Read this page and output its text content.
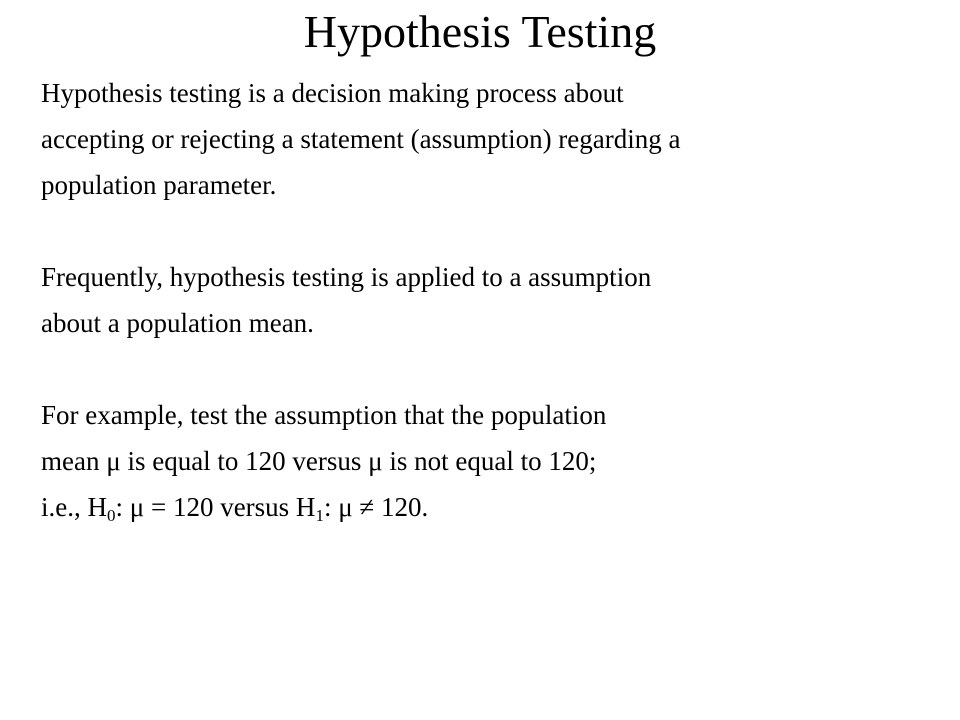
Hypothesis Testing

Hypothesis testing is a decision making process about

accepting or rejecting a statement (assumption) regarding a

population parameter.

Frequently, hypothesis testing is applied to a assumption

about a population mean.

For example, test the assumption that the population

mean μ is equal to 120 versus μ is not equal to 120;

i.e., $H_0$: μ = 120 versus $H_1$: μ ≠ 120.
